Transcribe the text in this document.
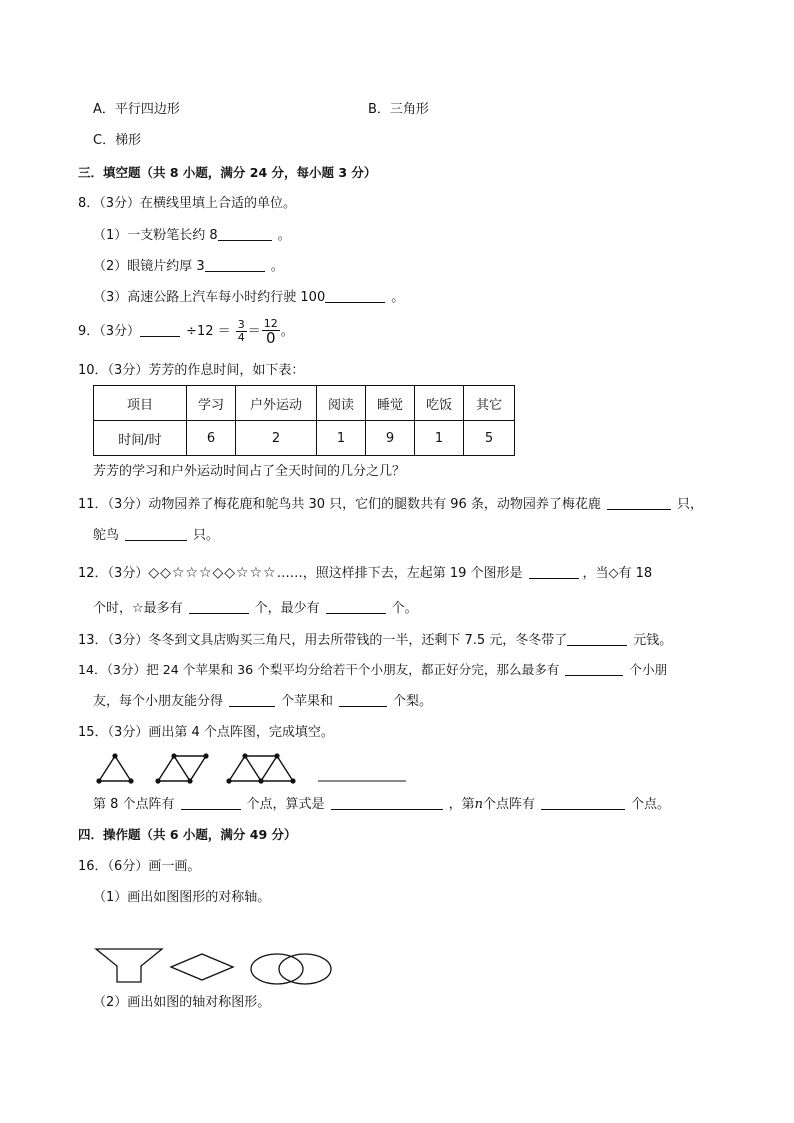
A．平行四边形	B．三角形
C．梯形
三．填空题（共 8 小题，满分 24 分，每小题 3 分）
8．（3分）在横线里填上合适的单位。
（1）一支粉笔长约 8	。
（2）眼镜片约厚 3	。
（3）高速公路上汽车每小时约行驶 100	。
9．（3分）	$\div 12 = \frac{3}{4} = \frac{12}{0}$ 。
10．（3分）芳芳的作息时间，如下表：
项目	学习	户外运动	阅读	睡觉	吃饭	其它
时间/时	6	2	1	9	1	5
芳芳的学习和户外运动时间占了全天时间的几分之几？
11．（3分）动物园养了梅花鹿和鸵鸟共 30 只，它们的腿数共有 96 条，动物园养了梅花鹿	只，
鸵鸟	只。
12．（3分）◇◇☆☆☆◇◇☆☆☆……，照这样排下去，左起第 19 个图形是	，当◇有 18
个时，☆最多有	个，最少有	个。
13．（3分）冬冬到文具店购买三角尺，用去所带钱的一半，还剩下 7.5 元，冬冬带了	元钱。
14．（3分）把 24 个苹果和 36 个梨平均分给若干个小朋友，都正好分完，那么最多有	个小朋
友，每个小朋友能分得	个苹果和	个梨。
15．（3分）画出第 4 个点阵图，完成填空。
第 8 个点阵有	个点，算式是	，第n个点阵有	个点。
四．操作题（共 6 小题，满分 49 分）
16．（6分）画一画。
（1）画出如图图形的对称轴。
（2）画出如图的轴对称图形。
